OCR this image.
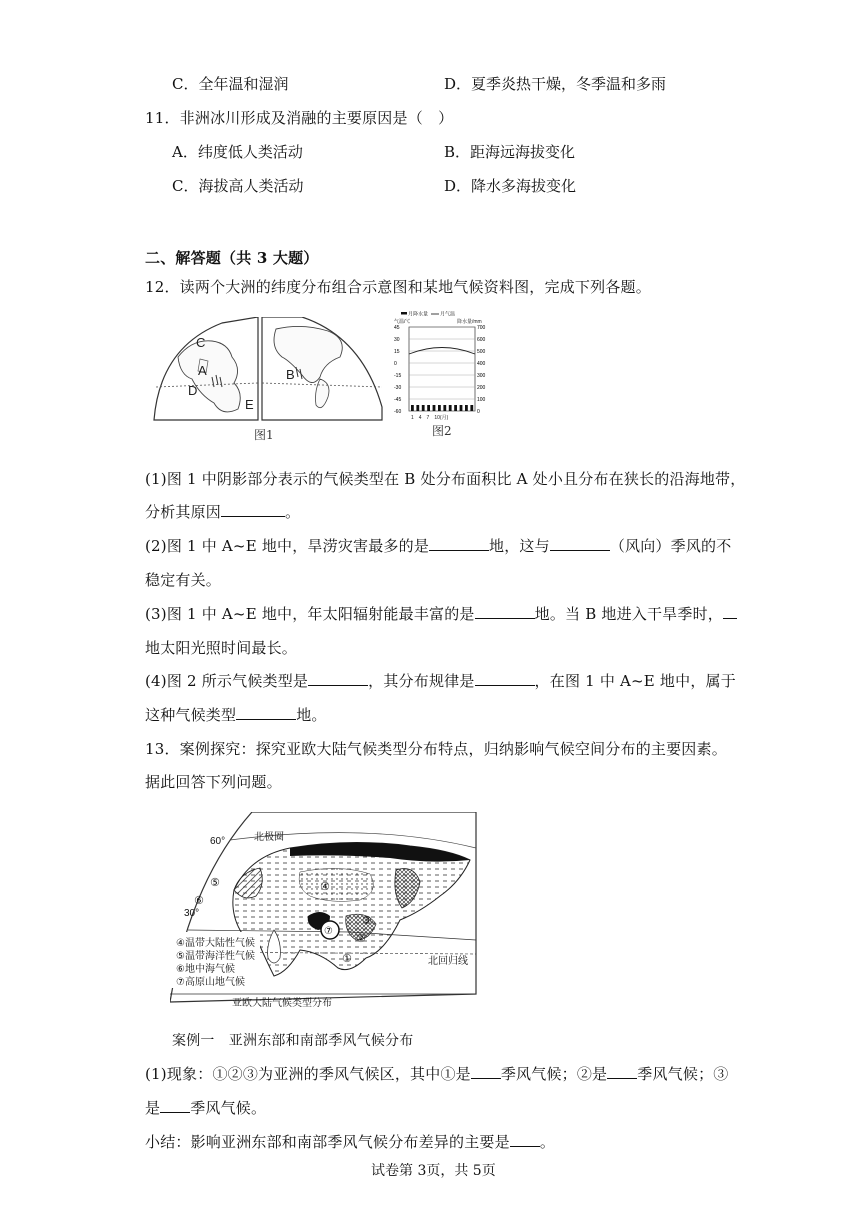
C．全年温和湿润	D．夏季炎热干燥，冬季温和多雨
11．非洲冰川形成及消融的主要原因是（　）
A．纬度低人类活动	B．距海远海拔变化
C．海拔高人类活动	D．降水多海拔变化
二、解答题（共 3 大题）
12．读两个大洲的纬度分布组合示意图和某地气候资料图，完成下列各题。
C
A
D
B
E
图1
月降水量 月气温
气温/℃	降水量/mm
45	700
30	600
15	500
0	400
-15	300
-30	200
-45	100
-60	0
1　4　7　10(月)
图2
(1)图 1 中阴影部分表示的气候类型在 B 处分布面积比 A 处小且分布在狭长的沿海地带，
分析其原因	。
(2)图 1 中 A~E 地中，旱涝灾害最多的是	地，这与	（风向）季风的不
稳定有关。
(3)图 1 中 A~E 地中，年太阳辐射能最丰富的是	地。当 B 地进入干旱季时，
地太阳光照时间最长。
(4)图 2 所示气候类型是	，其分布规律是	，在图 1 中 A~E 地中，属于
这种气候类型	地。
13．案例探究：探究亚欧大陆气候类型分布特点，归纳影响气候空间分布的主要因素。
据此回答下列问题。
60°
30°
北极圈
北回归线
⑤
⑥
④
⑦
③
②
①
④温带大陆性气候
⑤温带海洋性气候
⑥地中海气候
⑦高原山地气候
亚欧大陆气候类型分布
案例一　亚洲东部和南部季风气候分布
(1)现象：①②③为亚洲的季风气候区，其中①是 季风气候；②是 季风气候；③
是 季风气候。
小结：影响亚洲东部和南部季风气候分布差异的主要是 。
试卷第 3页，共 5页
